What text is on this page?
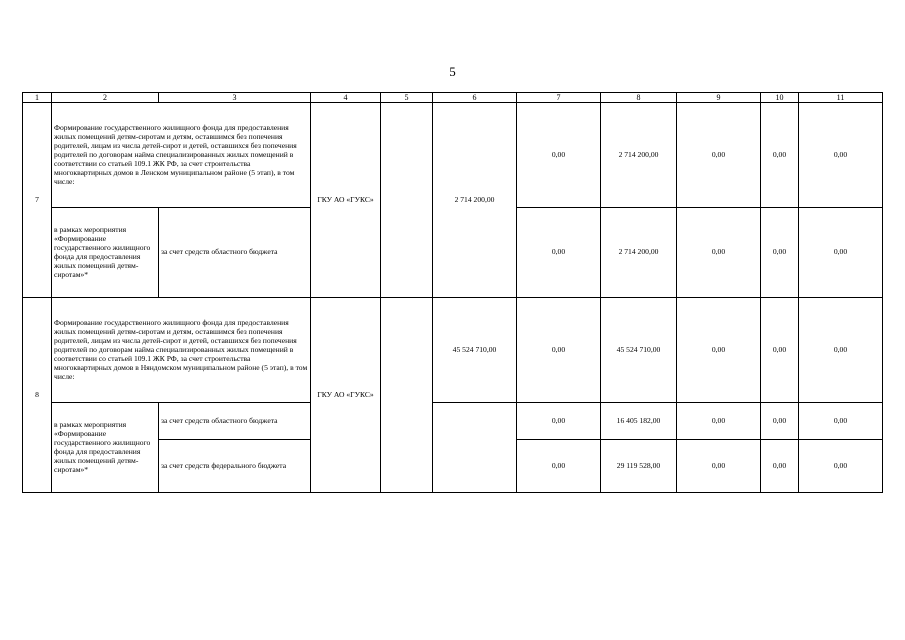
5
1	2	3	4	5	6	7	8	9	10	11
7	Формирование государственного жилищного фонда для предоставления жилых помещений детям-сиротам и детям, оставшимся без попечения родителей, лицам из числа детей-сирот и детей, оставшихся без попечения родителей по договорам найма специализированных жилых помещений в соответствии со статьей 109.1 ЖК РФ, за счет строительства многоквартирных домов в Ленском муниципальном районе (5 этап), в том числе:		ГКУ АО «ГУКС»		2 714 200,00	0,00	2 714 200,00	0,00	0,00	0,00
	в рамках мероприятия «Формирование государственного жилищного фонда для предоставления жилых помещений детям-сиротам»*	за счет средств областного бюджета				0,00	2 714 200,00	0,00	0,00	0,00
8	Формирование государственного жилищного фонда для предоставления жилых помещений детям-сиротам и детям, оставшимся без попечения родителей, лицам из числа детей-сирот и детей, оставшихся без попечения родителей по договорам найма специализированных жилых помещений в соответствии со статьей 109.1 ЖК РФ, за счет строительства многоквартирных домов в Няндомском муниципальном районе (5 этап), в том числе:		ГКУ АО «ГУКС»		45 524 710,00	0,00	45 524 710,00	0,00	0,00	0,00
	в рамках мероприятия «Формирование государственного жилищного фонда для предоставления жилых помещений детям-сиротам»*	за счет средств областного бюджета				0,00	16 405 182,00	0,00	0,00	0,00
		за счет средств федерального бюджета				0,00	29 119 528,00	0,00	0,00	0,00
